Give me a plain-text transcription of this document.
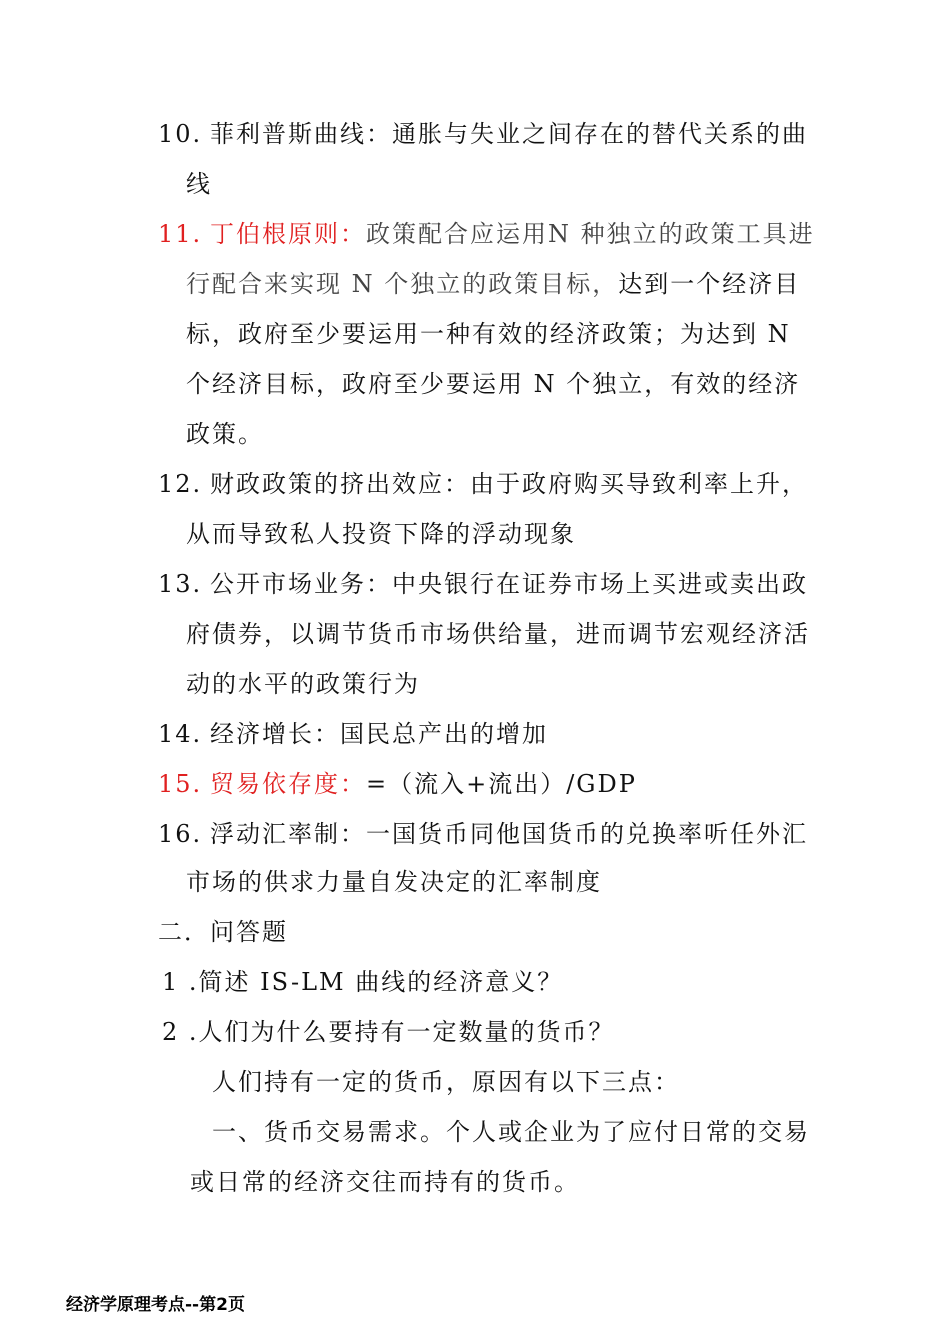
10. 菲利普斯曲线：通胀与失业之间存在的替代关系的曲
线
11. 丁伯根原则：政策配合应运用N 种独立的政策工具进
行配合来实现 N 个独立的政策目标，达到一个经济目
标，政府至少要运用一种有效的经济政策；为达到 N
个经济目标，政府至少要运用 N 个独立，有效的经济
政策。
12. 财政政策的挤出效应：由于政府购买导致利率上升，
从而导致私人投资下降的浮动现象
13. 公开市场业务：中央银行在证券市场上买进或卖出政
府债券，以调节货币市场供给量，进而调节宏观经济活
动的水平的政策行为
14. 经济增长：国民总产出的增加
15. 贸易依存度：=（流入+流出）/GDP
16. 浮动汇率制：一国货币同他国货币的兑换率听任外汇
市场的供求力量自发决定的汇率制度
二．问答题
1 .简述 IS-LM 曲线的经济意义？
2 .人们为什么要持有一定数量的货币？
人们持有一定的货币，原因有以下三点：
一、货币交易需求。个人或企业为了应付日常的交易
或日常的经济交往而持有的货币。
经济学原理考点--第2页
